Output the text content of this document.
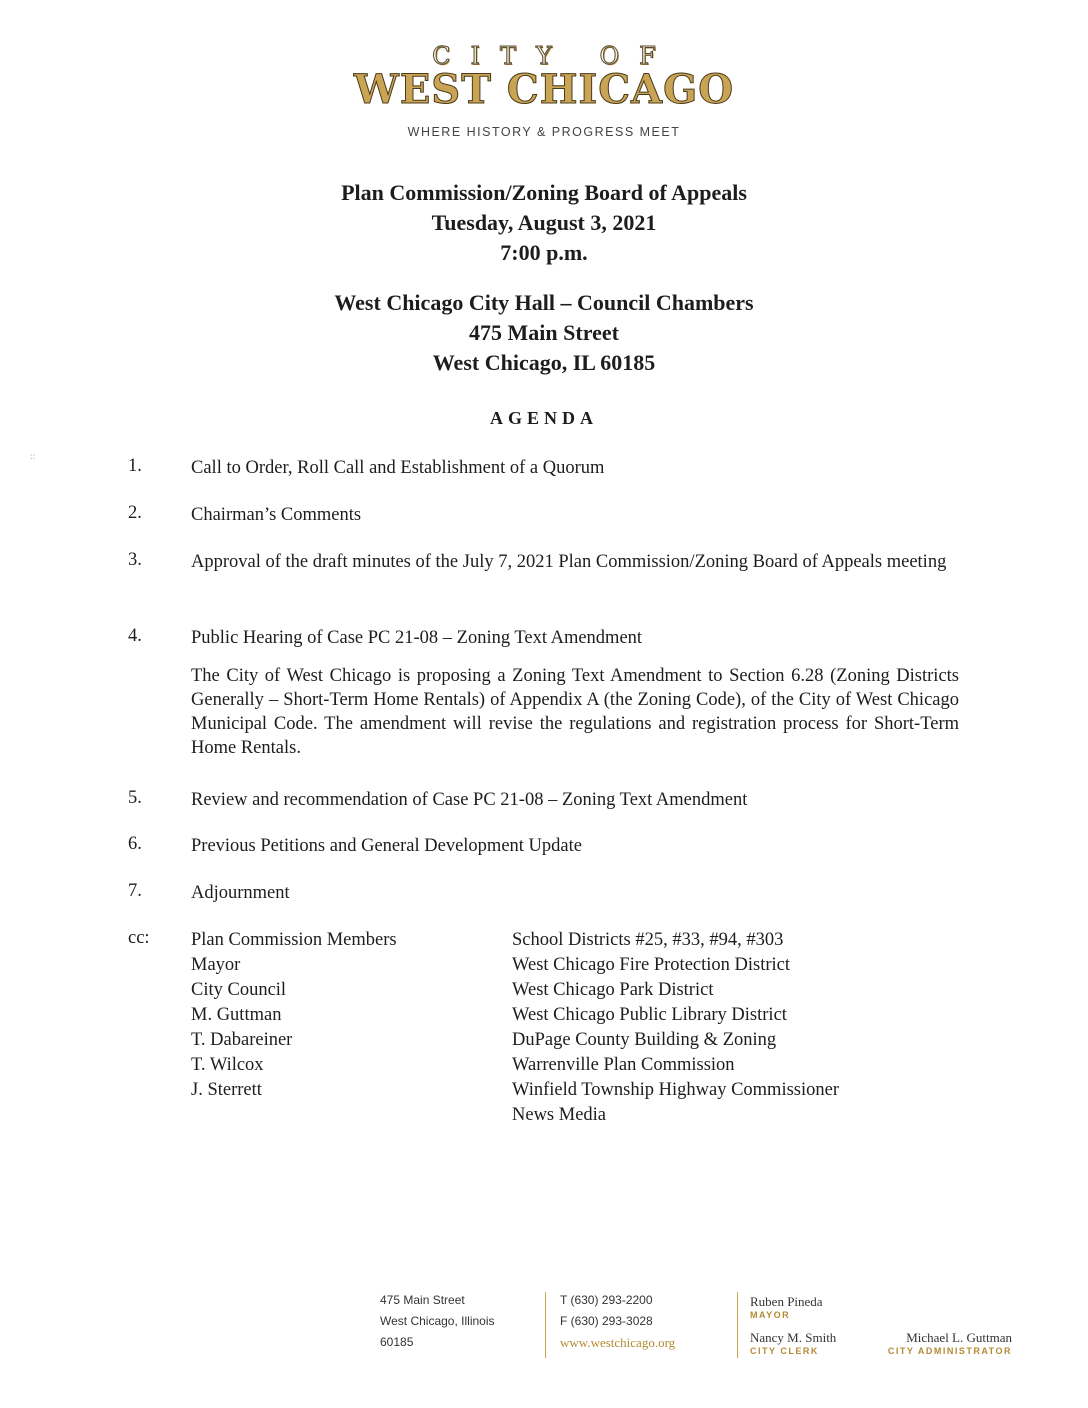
CITY OF
WEST CHICAGO
WHERE HISTORY & PROGRESS MEET
Plan Commission/Zoning Board of Appeals
Tuesday, August 3, 2021
7:00 p.m.
West Chicago City Hall – Council Chambers
475 Main Street
West Chicago, IL 60185
AGENDA
::	1.	Call to Order, Roll Call and Establishment of a Quorum
2.	Chairman’s Comments
3.	Approval of the draft minutes of the July 7, 2021 Plan Commission/Zoning Board of Appeals meeting
4.	Public Hearing of Case PC 21-08 – Zoning Text Amendment
The City of West Chicago is proposing a Zoning Text Amendment to Section 6.28 (Zoning Districts Generally – Short-Term Home Rentals) of Appendix A (the Zoning Code), of the City of West Chicago Municipal Code. The amendment will revise the regulations and registration process for Short-Term Home Rentals.
5.	Review and recommendation of Case PC 21-08 – Zoning Text Amendment
6.	Previous Petitions and General Development Update
7.	Adjournment
cc: Plan Commission Members
Mayor
City Council
M. Guttman
T. Dabareiner
T. Wilcox
J. Sterrett
School Districts #25, #33, #94, #303
West Chicago Fire Protection District
West Chicago Park District
West Chicago Public Library District
DuPage County Building & Zoning
Warrenville Plan Commission
Winfield Township Highway Commissioner
News Media
475 Main Street
West Chicago, Illinois
60185
T (630) 293-2200
F (630) 293-3028
www.westchicago.org
Ruben Pineda
MAYOR
Nancy M. Smith
CITY CLERK
Michael L. Guttman
CITY ADMINISTRATOR
